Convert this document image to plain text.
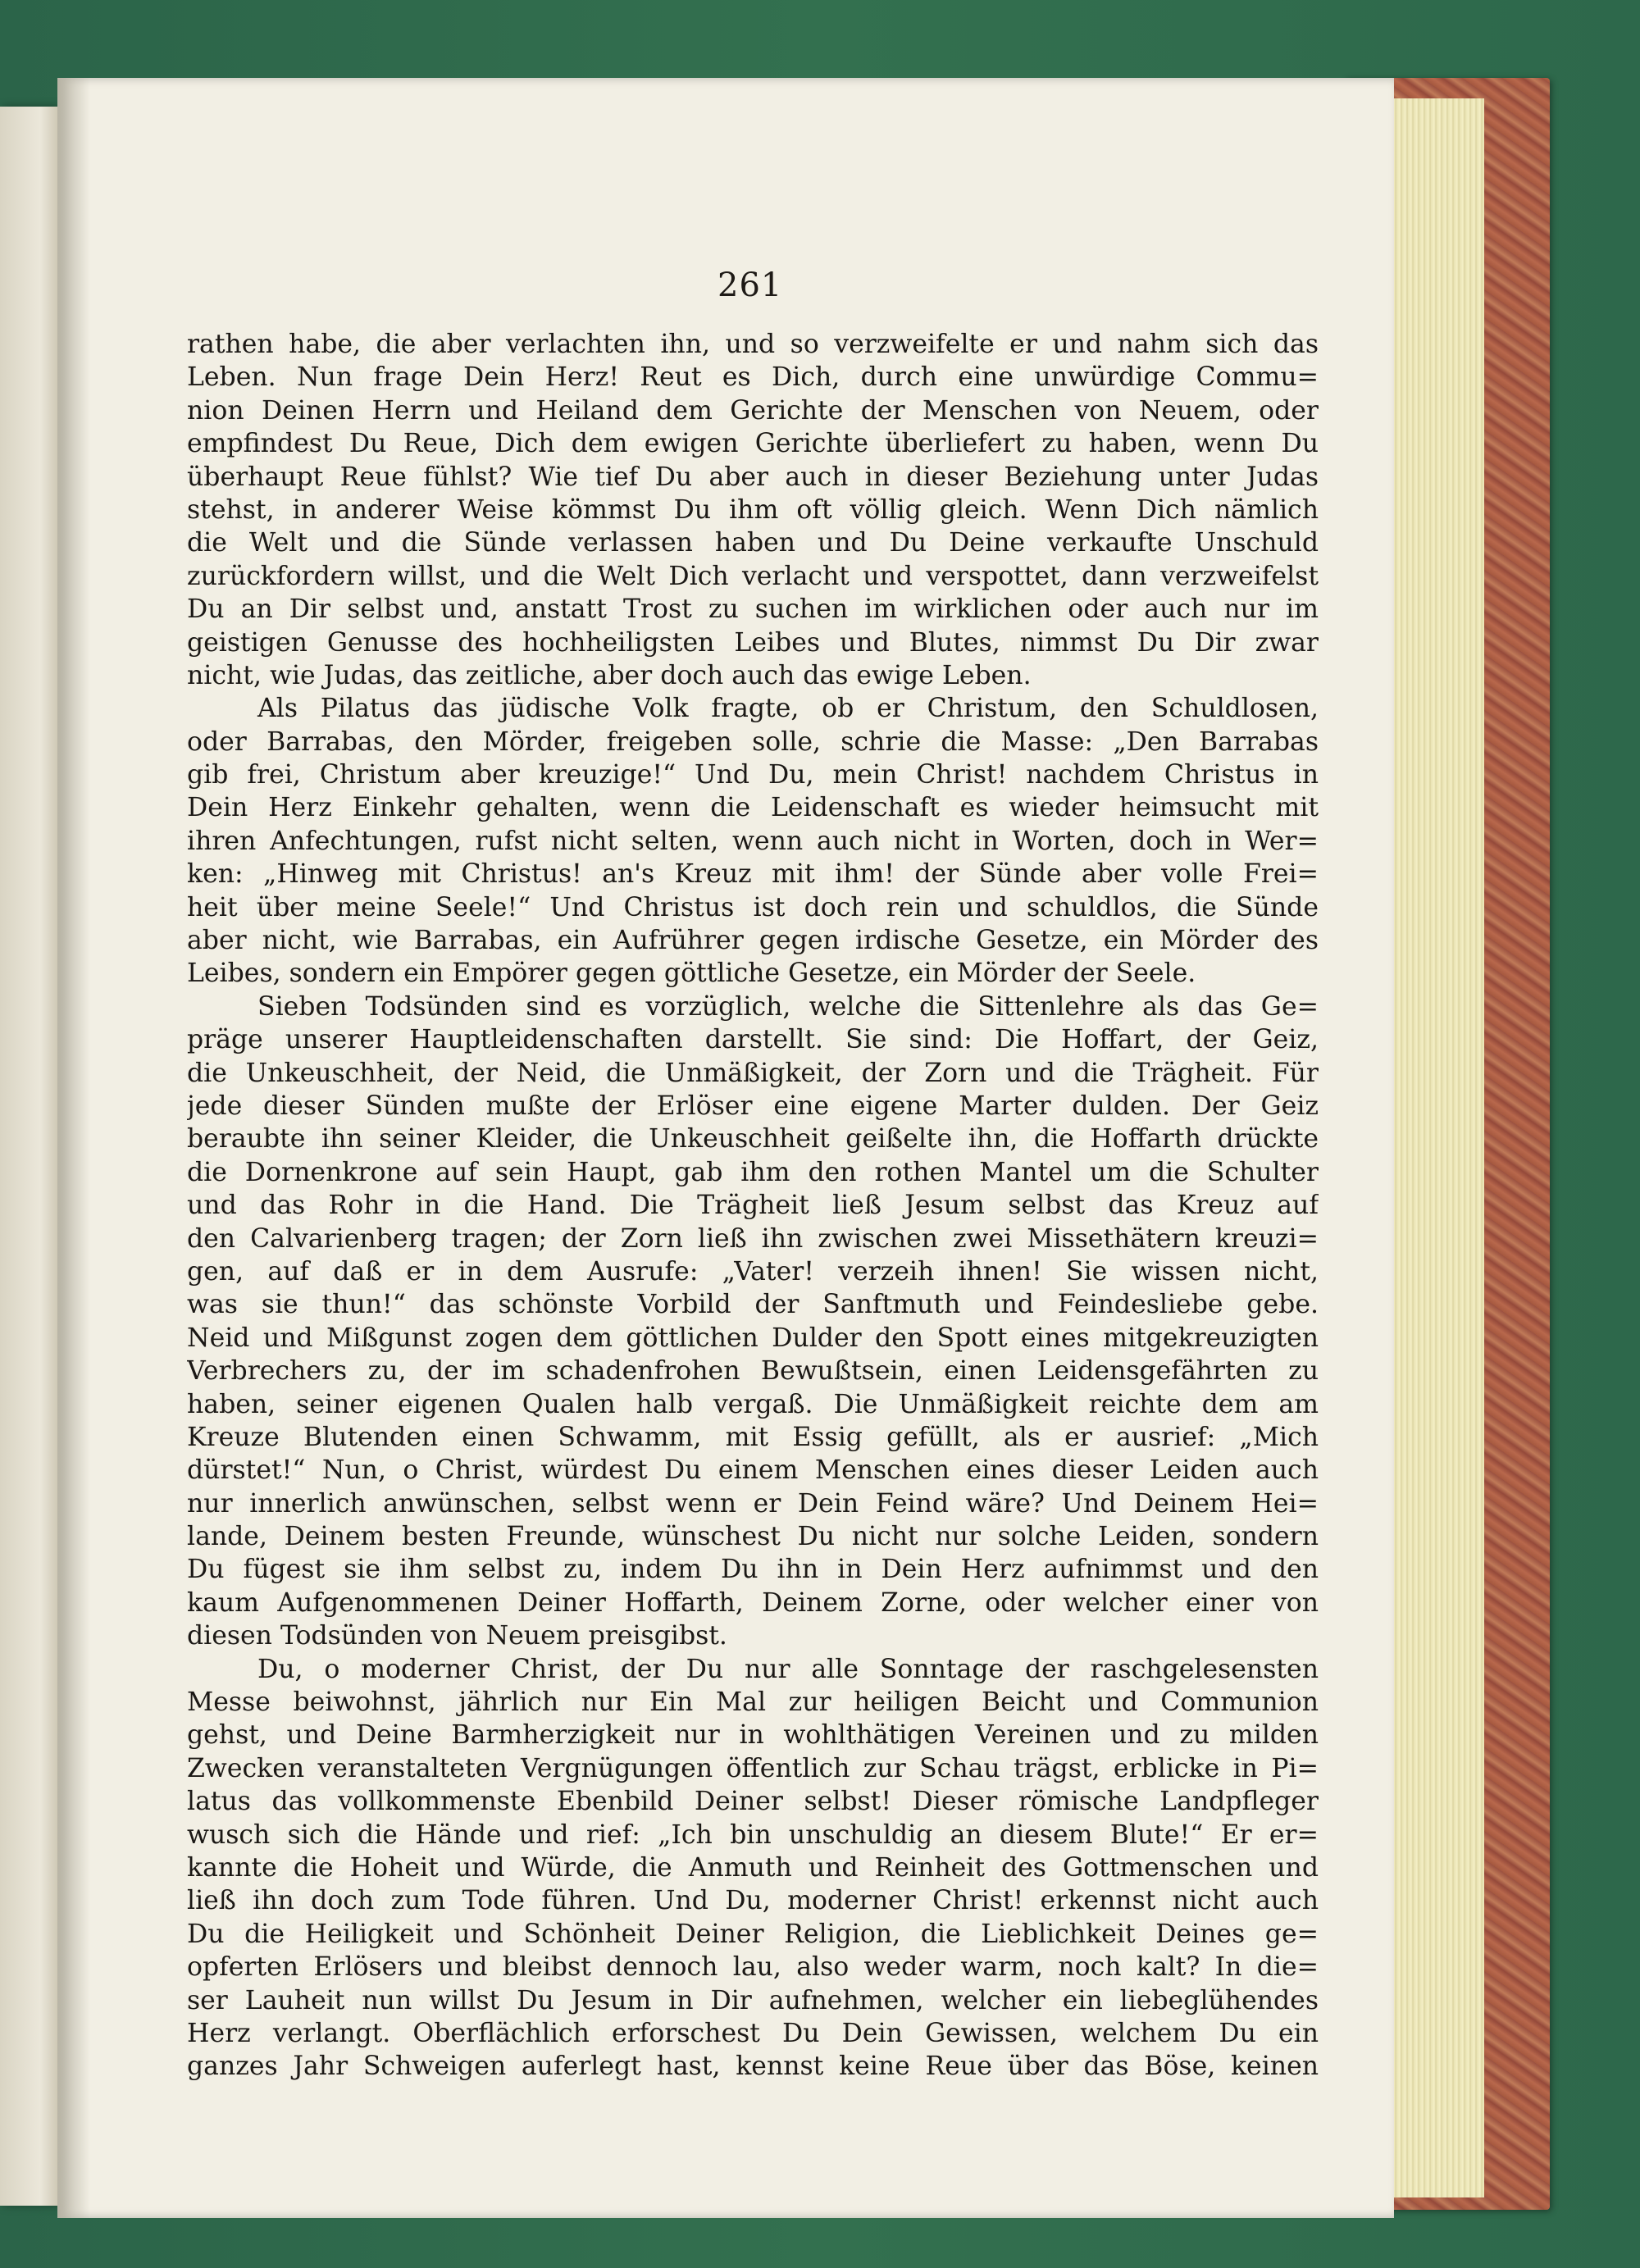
261
rathen habe, die aber verlachten ihn, und so verzweifelte er und nahm sich das
Leben. Nun frage Dein Herz! Reut es Dich, durch eine unwürdige Commu=
nion Deinen Herrn und Heiland dem Gerichte der Menschen von Neuem, oder
empfindest Du Reue, Dich dem ewigen Gerichte überliefert zu haben, wenn Du
überhaupt Reue fühlst? Wie tief Du aber auch in dieser Beziehung unter Judas
stehst, in anderer Weise kömmst Du ihm oft völlig gleich. Wenn Dich nämlich
die Welt und die Sünde verlassen haben und Du Deine verkaufte Unschuld
zurückfordern willst, und die Welt Dich verlacht und verspottet, dann verzweifelst
Du an Dir selbst und, anstatt Trost zu suchen im wirklichen oder auch nur im
geistigen Genusse des hochheiligsten Leibes und Blutes, nimmst Du Dir zwar
nicht, wie Judas, das zeitliche, aber doch auch das ewige Leben.
Als Pilatus das jüdische Volk fragte, ob er Christum, den Schuldlosen,
oder Barrabas, den Mörder, freigeben solle, schrie die Masse: „Den Barrabas
gib frei, Christum aber kreuzige!“ Und Du, mein Christ! nachdem Christus in
Dein Herz Einkehr gehalten, wenn die Leidenschaft es wieder heimsucht mit
ihren Anfechtungen, rufst nicht selten, wenn auch nicht in Worten, doch in Wer=
ken: „Hinweg mit Christus! an's Kreuz mit ihm! der Sünde aber volle Frei=
heit über meine Seele!“ Und Christus ist doch rein und schuldlos, die Sünde
aber nicht, wie Barrabas, ein Aufrührer gegen irdische Gesetze, ein Mörder des
Leibes, sondern ein Empörer gegen göttliche Gesetze, ein Mörder der Seele.
Sieben Todsünden sind es vorzüglich, welche die Sittenlehre als das Ge=
präge unserer Hauptleidenschaften darstellt. Sie sind: Die Hoffart, der Geiz,
die Unkeuschheit, der Neid, die Unmäßigkeit, der Zorn und die Trägheit. Für
jede dieser Sünden mußte der Erlöser eine eigene Marter dulden. Der Geiz
beraubte ihn seiner Kleider, die Unkeuschheit geißelte ihn, die Hoffarth drückte
die Dornenkrone auf sein Haupt, gab ihm den rothen Mantel um die Schulter
und das Rohr in die Hand. Die Trägheit ließ Jesum selbst das Kreuz auf
den Calvarienberg tragen; der Zorn ließ ihn zwischen zwei Missethätern kreuzi=
gen, auf daß er in dem Ausrufe: „Vater! verzeih ihnen! Sie wissen nicht,
was sie thun!“ das schönste Vorbild der Sanftmuth und Feindesliebe gebe.
Neid und Mißgunst zogen dem göttlichen Dulder den Spott eines mitgekreuzigten
Verbrechers zu, der im schadenfrohen Bewußtsein, einen Leidensgefährten zu
haben, seiner eigenen Qualen halb vergaß. Die Unmäßigkeit reichte dem am
Kreuze Blutenden einen Schwamm, mit Essig gefüllt, als er ausrief: „Mich
dürstet!“ Nun, o Christ, würdest Du einem Menschen eines dieser Leiden auch
nur innerlich anwünschen, selbst wenn er Dein Feind wäre? Und Deinem Hei=
lande, Deinem besten Freunde, wünschest Du nicht nur solche Leiden, sondern
Du fügest sie ihm selbst zu, indem Du ihn in Dein Herz aufnimmst und den
kaum Aufgenommenen Deiner Hoffarth, Deinem Zorne, oder welcher einer von
diesen Todsünden von Neuem preisgibst.
Du, o moderner Christ, der Du nur alle Sonntage der raschgelesensten
Messe beiwohnst, jährlich nur Ein Mal zur heiligen Beicht und Communion
gehst, und Deine Barmherzigkeit nur in wohlthätigen Vereinen und zu milden
Zwecken veranstalteten Vergnügungen öffentlich zur Schau trägst, erblicke in Pi=
latus das vollkommenste Ebenbild Deiner selbst! Dieser römische Landpfleger
wusch sich die Hände und rief: „Ich bin unschuldig an diesem Blute!“ Er er=
kannte die Hoheit und Würde, die Anmuth und Reinheit des Gottmenschen und
ließ ihn doch zum Tode führen. Und Du, moderner Christ! erkennst nicht auch
Du die Heiligkeit und Schönheit Deiner Religion, die Lieblichkeit Deines ge=
opferten Erlösers und bleibst dennoch lau, also weder warm, noch kalt? In die=
ser Lauheit nun willst Du Jesum in Dir aufnehmen, welcher ein liebeglühendes
Herz verlangt. Oberflächlich erforschest Du Dein Gewissen, welchem Du ein
ganzes Jahr Schweigen auferlegt hast, kennst keine Reue über das Böse, keinen
